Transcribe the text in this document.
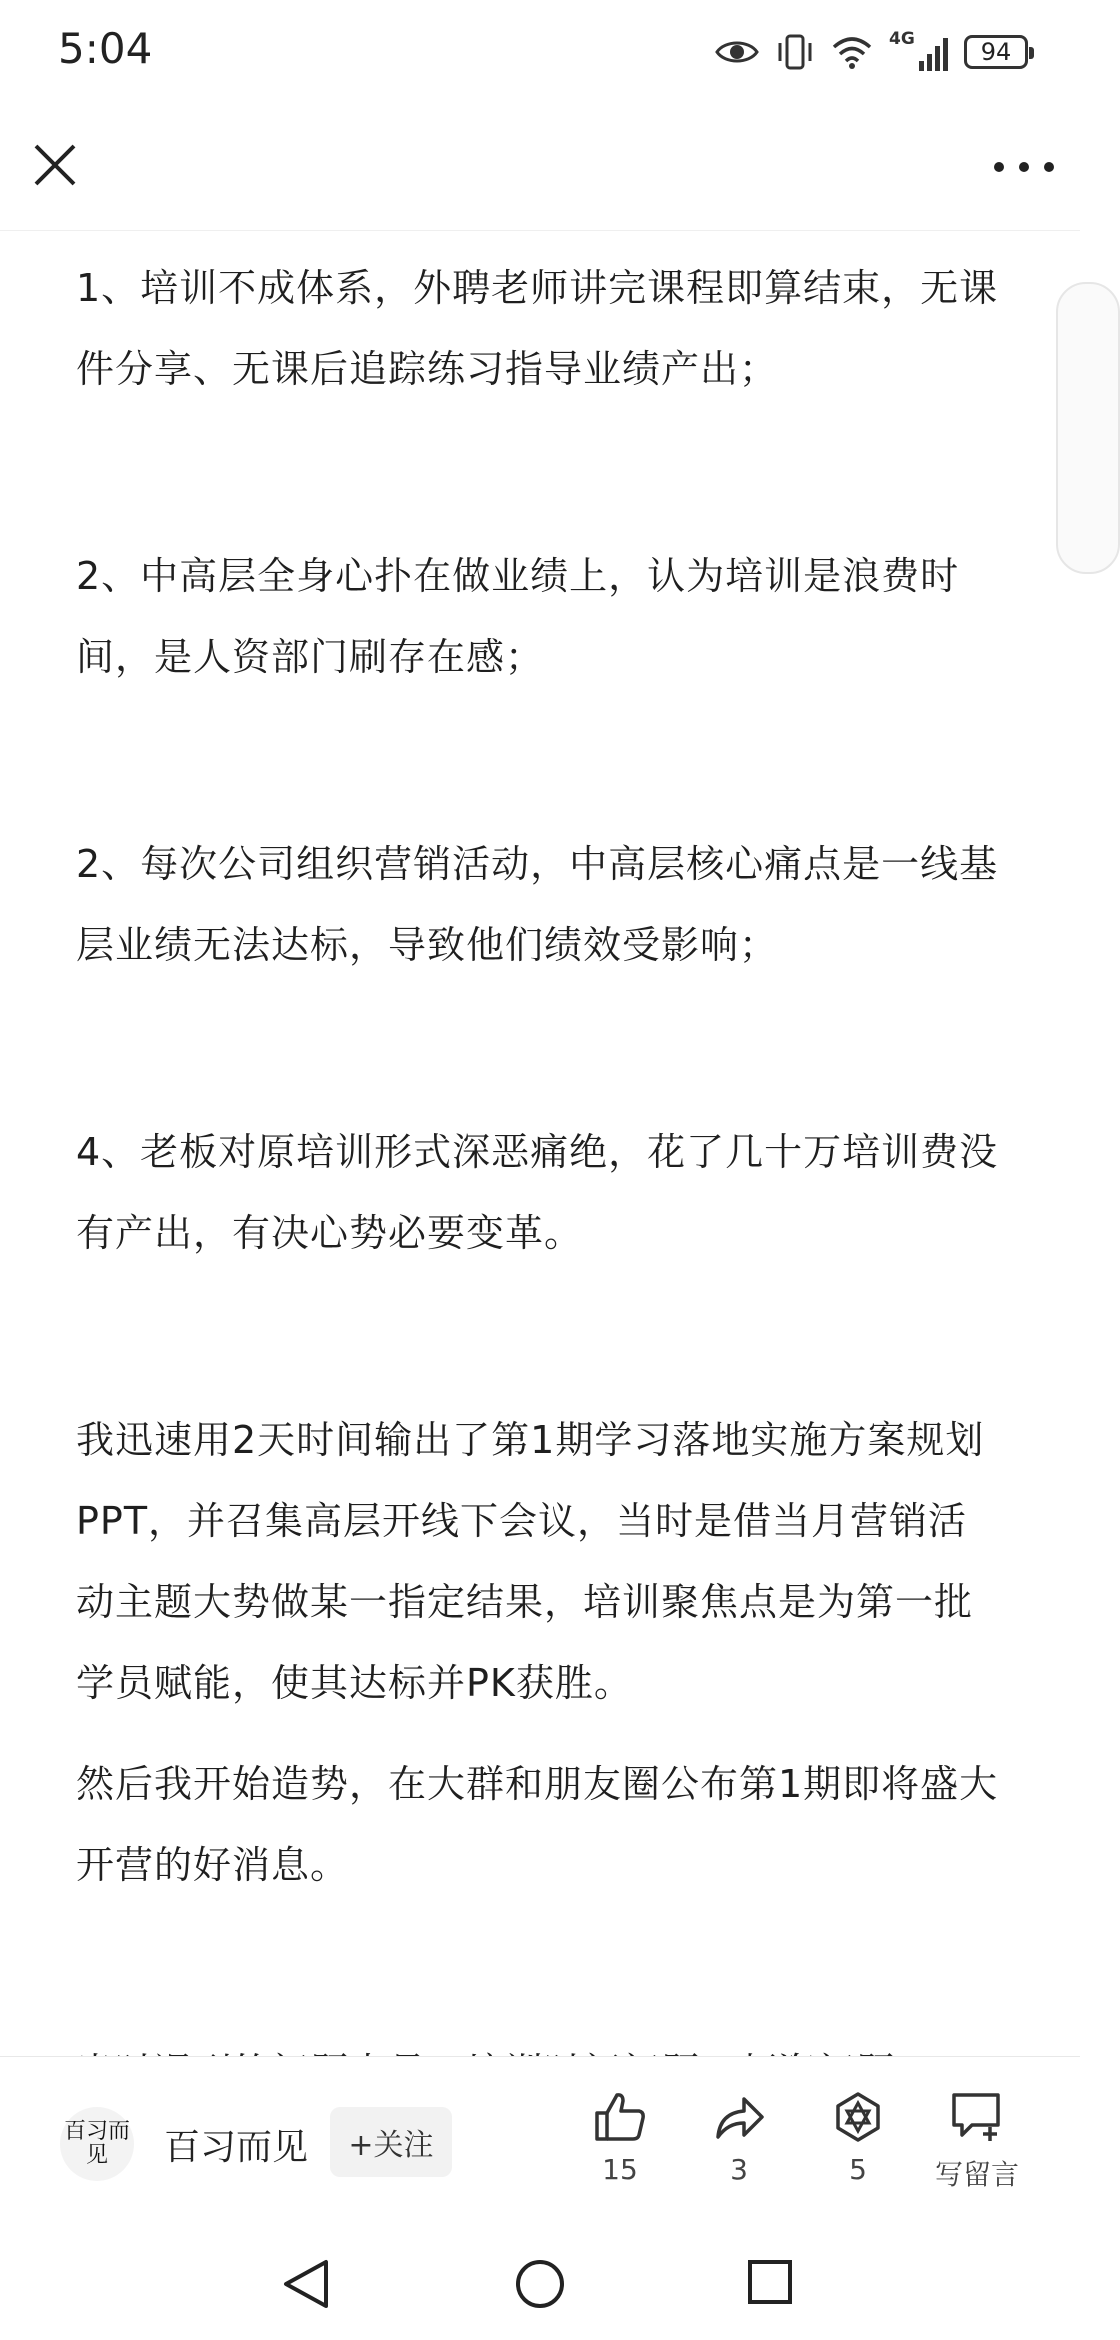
5:04	4G	94

1、培训不成体系，外聘老师讲完课程即算结束，无课件分享、无课后追踪练习指导业绩产出；

2、中高层全身心扑在做业绩上，认为培训是浪费时间，是人资部门刷存在感；

2、每次公司组织营销活动，中高层核心痛点是一线基层业绩无法达标，导致他们绩效受影响；

4、老板对原培训形式深恶痛绝，花了几十万培训费没有产出，有决心势必要变革。

我迅速用2天时间输出了第1期学习落地实施方案规划PPT，并召集高层开线下会议，当时是借当月营销活动主题大势做某一指定结果，培训聚焦点是为第一批学员赋能，使其达标并PK获胜。

然后我开始造势，在大群和朋友圈公布第1期即将盛大开营的好消息。

百习而见	百习而见	+关注
15	3	5 写留言
